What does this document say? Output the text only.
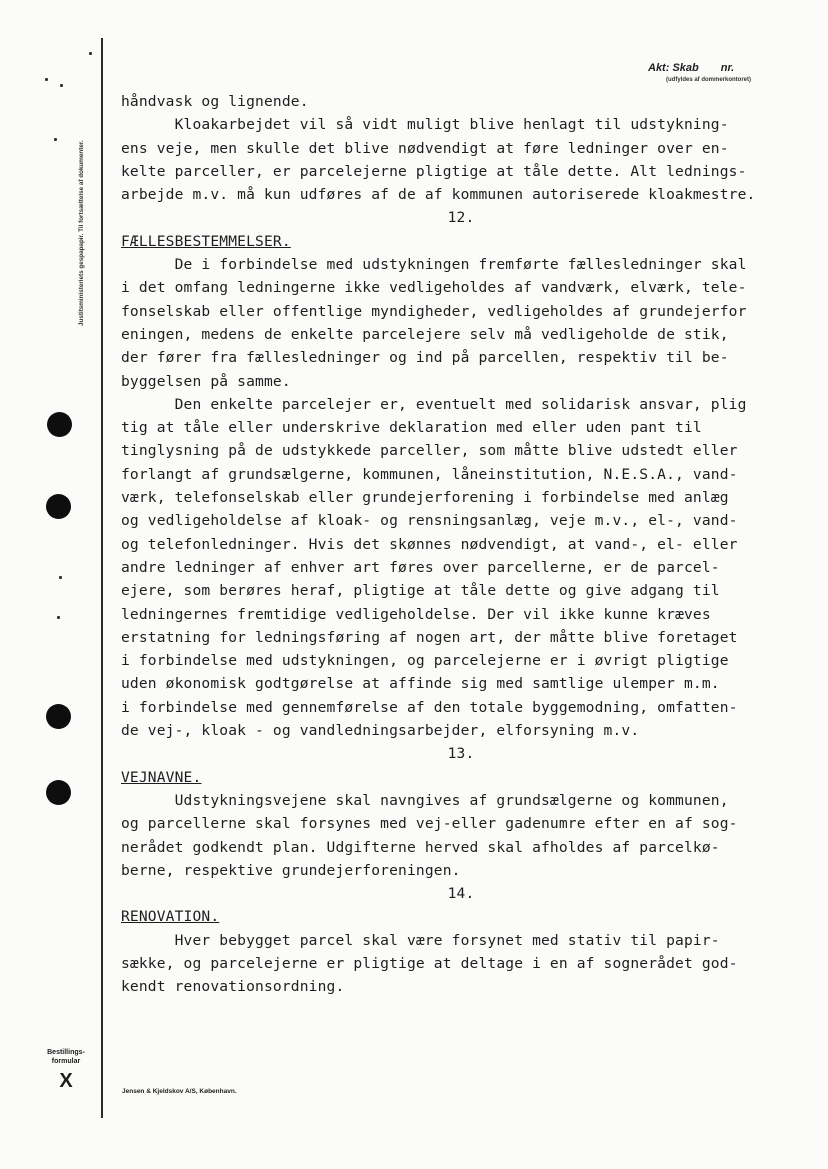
Justitsministeriets gespapapir. Til fortsættelse af dokumenter.
Akt: Skab nr.
(udfyldes af dommerkontoret)
håndvask og lignende.
Kloakarbejdet vil så vidt muligt blive henlagt til udstykning-
ens veje, men skulle det blive nødvendigt at føre ledninger over en-
kelte parceller, er parcelejerne pligtige at tåle dette. Alt lednings-
arbejde m.v. må kun udføres af de af kommunen autoriserede kloakmestre.
12.
FÆLLESBESTEMMELSER.
De i forbindelse med udstykningen fremførte fællesledninger skal
i det omfang ledningerne ikke vedligeholdes af vandværk, elværk, tele-
fonselskab eller offentlige myndigheder, vedligeholdes af grundejerfor
eningen, medens de enkelte parcelejere selv må vedligeholde de stik,
der fører fra fællesledninger og ind på parcellen, respektiv til be-
byggelsen på samme.
Den enkelte parcelejer er, eventuelt med solidarisk ansvar, plig
tig at tåle eller underskrive deklaration med eller uden pant til
tinglysning på de udstykkede parceller, som måtte blive udstedt eller
forlangt af grundsælgerne, kommunen, låneinstitution, N.E.S.A., vand-
værk, telefonselskab eller grundejerforening i forbindelse med anlæg
og vedligeholdelse af kloak- og rensningsanlæg, veje m.v., el-, vand-
og telefonledninger. Hvis det skønnes nødvendigt, at vand-, el- eller
andre ledninger af enhver art føres over parcellerne, er de parcel-
ejere, som berøres heraf, pligtige at tåle dette og give adgang til
ledningernes fremtidige vedligeholdelse. Der vil ikke kunne kræves
erstatning for ledningsføring af nogen art, der måtte blive foretaget
i forbindelse med udstykningen, og parcelejerne er i øvrigt pligtige
uden økonomisk godtgørelse at affinde sig med samtlige ulemper m.m.
i forbindelse med gennemførelse af den totale byggemodning, omfatten-
de vej-, kloak - og vandledningsarbejder, elforsyning m.v.
13.
VEJNAVNE.
Udstykningsvejene skal navngives af grundsælgerne og kommunen,
og parcellerne skal forsynes med vej-eller gadenumre efter en af sog-
nerådet godkendt plan. Udgifterne herved skal afholdes af parcelkø-
berne, respektive grundejerforeningen.
14.
RENOVATION.
Hver bebygget parcel skal være forsynet med stativ til papir-
sække, og parcelejerne er pligtige at deltage i en af sognerådet god-
kendt renovationsordning.
Bestillings-
formular
X	Jensen & Kjeldskov A/S, København.
